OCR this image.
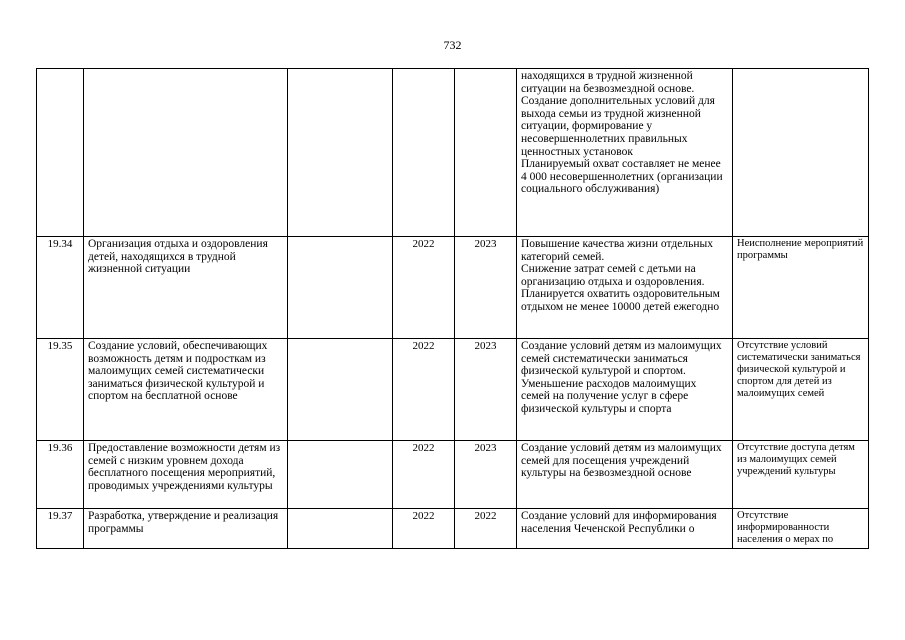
732
					находящихся в трудной жизненной ситуации на безвозмездной основе.
Создание дополнительных условий для выхода семьи из трудной жизненной ситуации, формирование у несовершеннолетних правильных ценностных установок
Планируемый охват составляет не менее 4 000 несовершеннолетних (организации социального обслуживания)	
19.34	Организация отдыха и оздоровления детей, находящихся в трудной жизненной ситуации		2022	2023	Повышение качества жизни отдельных категорий семей.
Снижение затрат семей с детьми на организацию отдыха и оздоровления.
Планируется охватить оздоровительным отдыхом не менее 10000 детей ежегодно	Неисполнение мероприятий программы
19.35	Создание условий, обеспечивающих возможность детям и подросткам из малоимущих семей систематически заниматься физической культурой и спортом на бесплатной основе		2022	2023	Создание условий детям из малоимущих семей систематически заниматься физической культурой и спортом. Уменьшение расходов малоимущих семей на получение услуг в сфере физической культуры и спорта	Отсутствие условий систематически заниматься физической культурой и спортом для детей из малоимущих семей
19.36	Предоставление возможности детям из семей с низким уровнем дохода бесплатного посещения мероприятий, проводимых учреждениями культуры		2022	2023	Создание условий детям из малоимущих семей для посещения учреждений культуры на безвозмездной основе	Отсутствие доступа детям из малоимущих семей учреждений культуры
19.37	Разработка, утверждение и реализация программы		2022	2022	Создание условий для информирования населения Чеченской Республики о	Отсутствие информированности населения о мерах по
